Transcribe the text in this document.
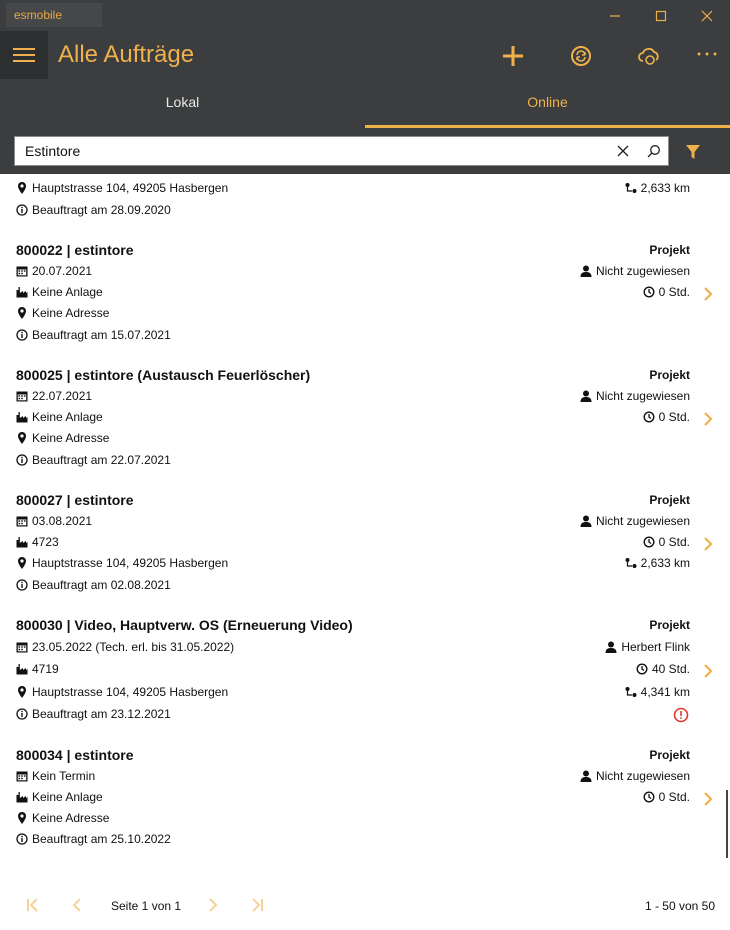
esmobile
Alle Aufträge
Lokal	Online
Estintore
Hauptstrasse 104, 49205 Hasbergen	2,633 km
Beauftragt am 28.09.2020
800022 | estintore	Projekt
20.07.2021	Nicht zugewiesen
Keine Anlage	0 Std.
Keine Adresse
Beauftragt am 15.07.2021
800025 | estintore (Austausch Feuerlöscher)	Projekt
22.07.2021	Nicht zugewiesen
Keine Anlage	0 Std.
Keine Adresse
Beauftragt am 22.07.2021
800027 | estintore	Projekt
03.08.2021	Nicht zugewiesen
4723	0 Std.
Hauptstrasse 104, 49205 Hasbergen	2,633 km
Beauftragt am 02.08.2021
800030 | Video, Hauptverw. OS (Erneuerung Video)	Projekt
23.05.2022 (Tech. erl. bis 31.05.2022)	Herbert Flink
4719	40 Std.
Hauptstrasse 104, 49205 Hasbergen	4,341 km
Beauftragt am 23.12.2021
800034 | estintore	Projekt
Kein Termin	Nicht zugewiesen
Keine Anlage	0 Std.
Keine Adresse
Beauftragt am 25.10.2022
Seite 1 von 1	1 - 50 von 50
